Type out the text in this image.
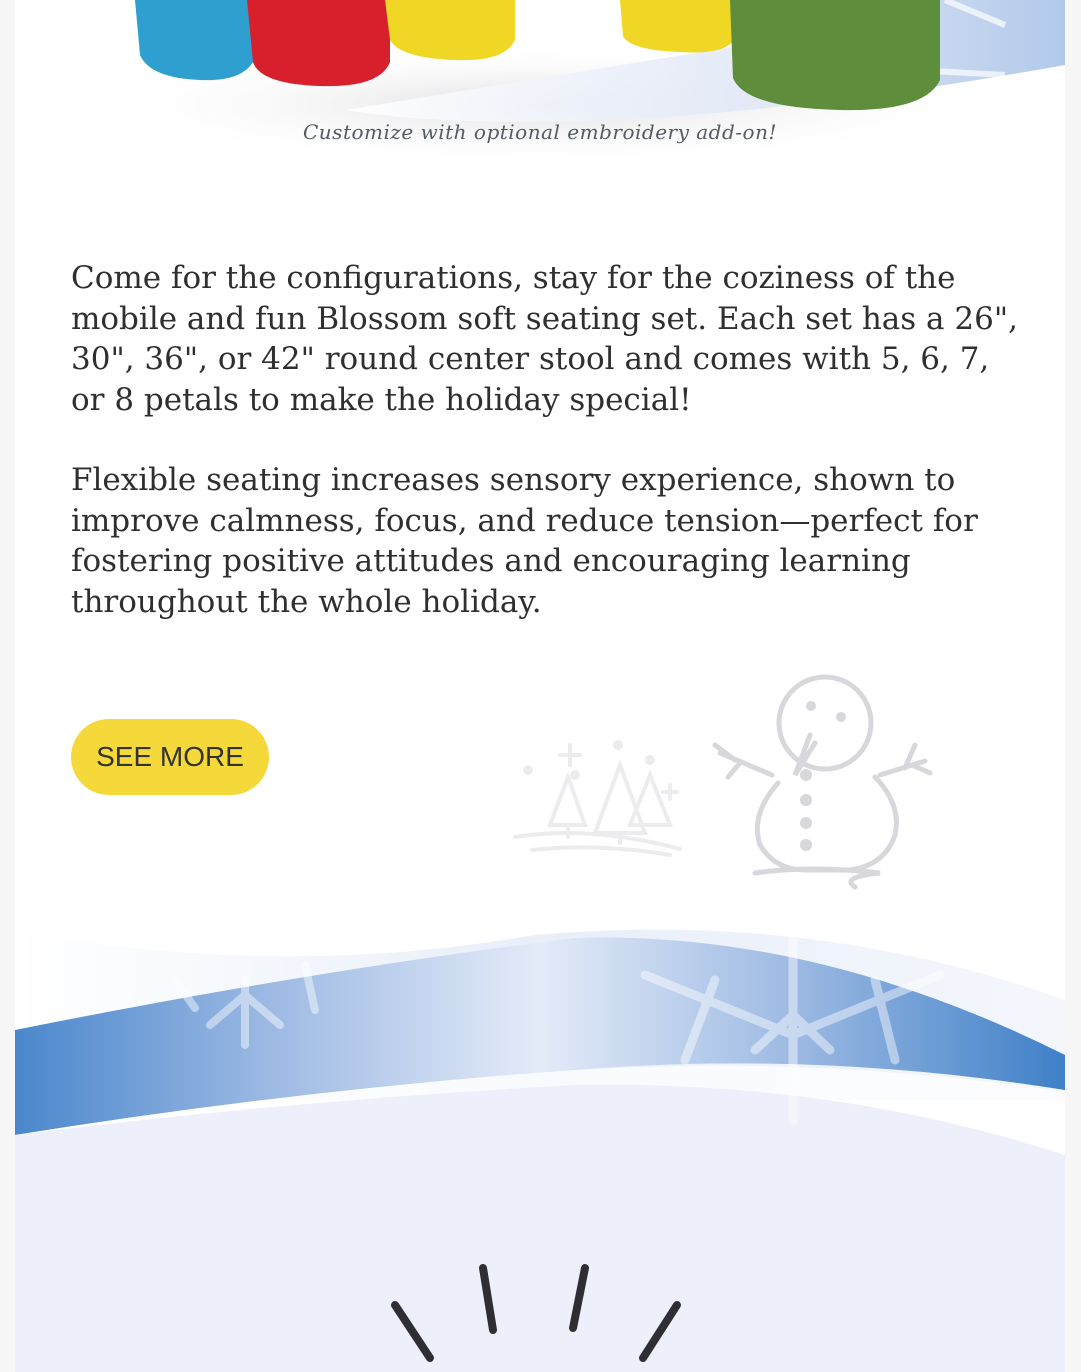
Customize with optional embroidery add-on!

Come for the configurations, stay for the coziness of the mobile and fun Blossom soft seating set. Each set has a 26", 30", 36", or 42" round center stool and comes with 5, 6, 7, or 8 petals to make the holiday special!

Flexible seating increases sensory experience, shown to improve calmness, focus, and reduce tension—perfect for fostering positive attitudes and encouraging learning throughout the whole holiday.

SEE MORE
